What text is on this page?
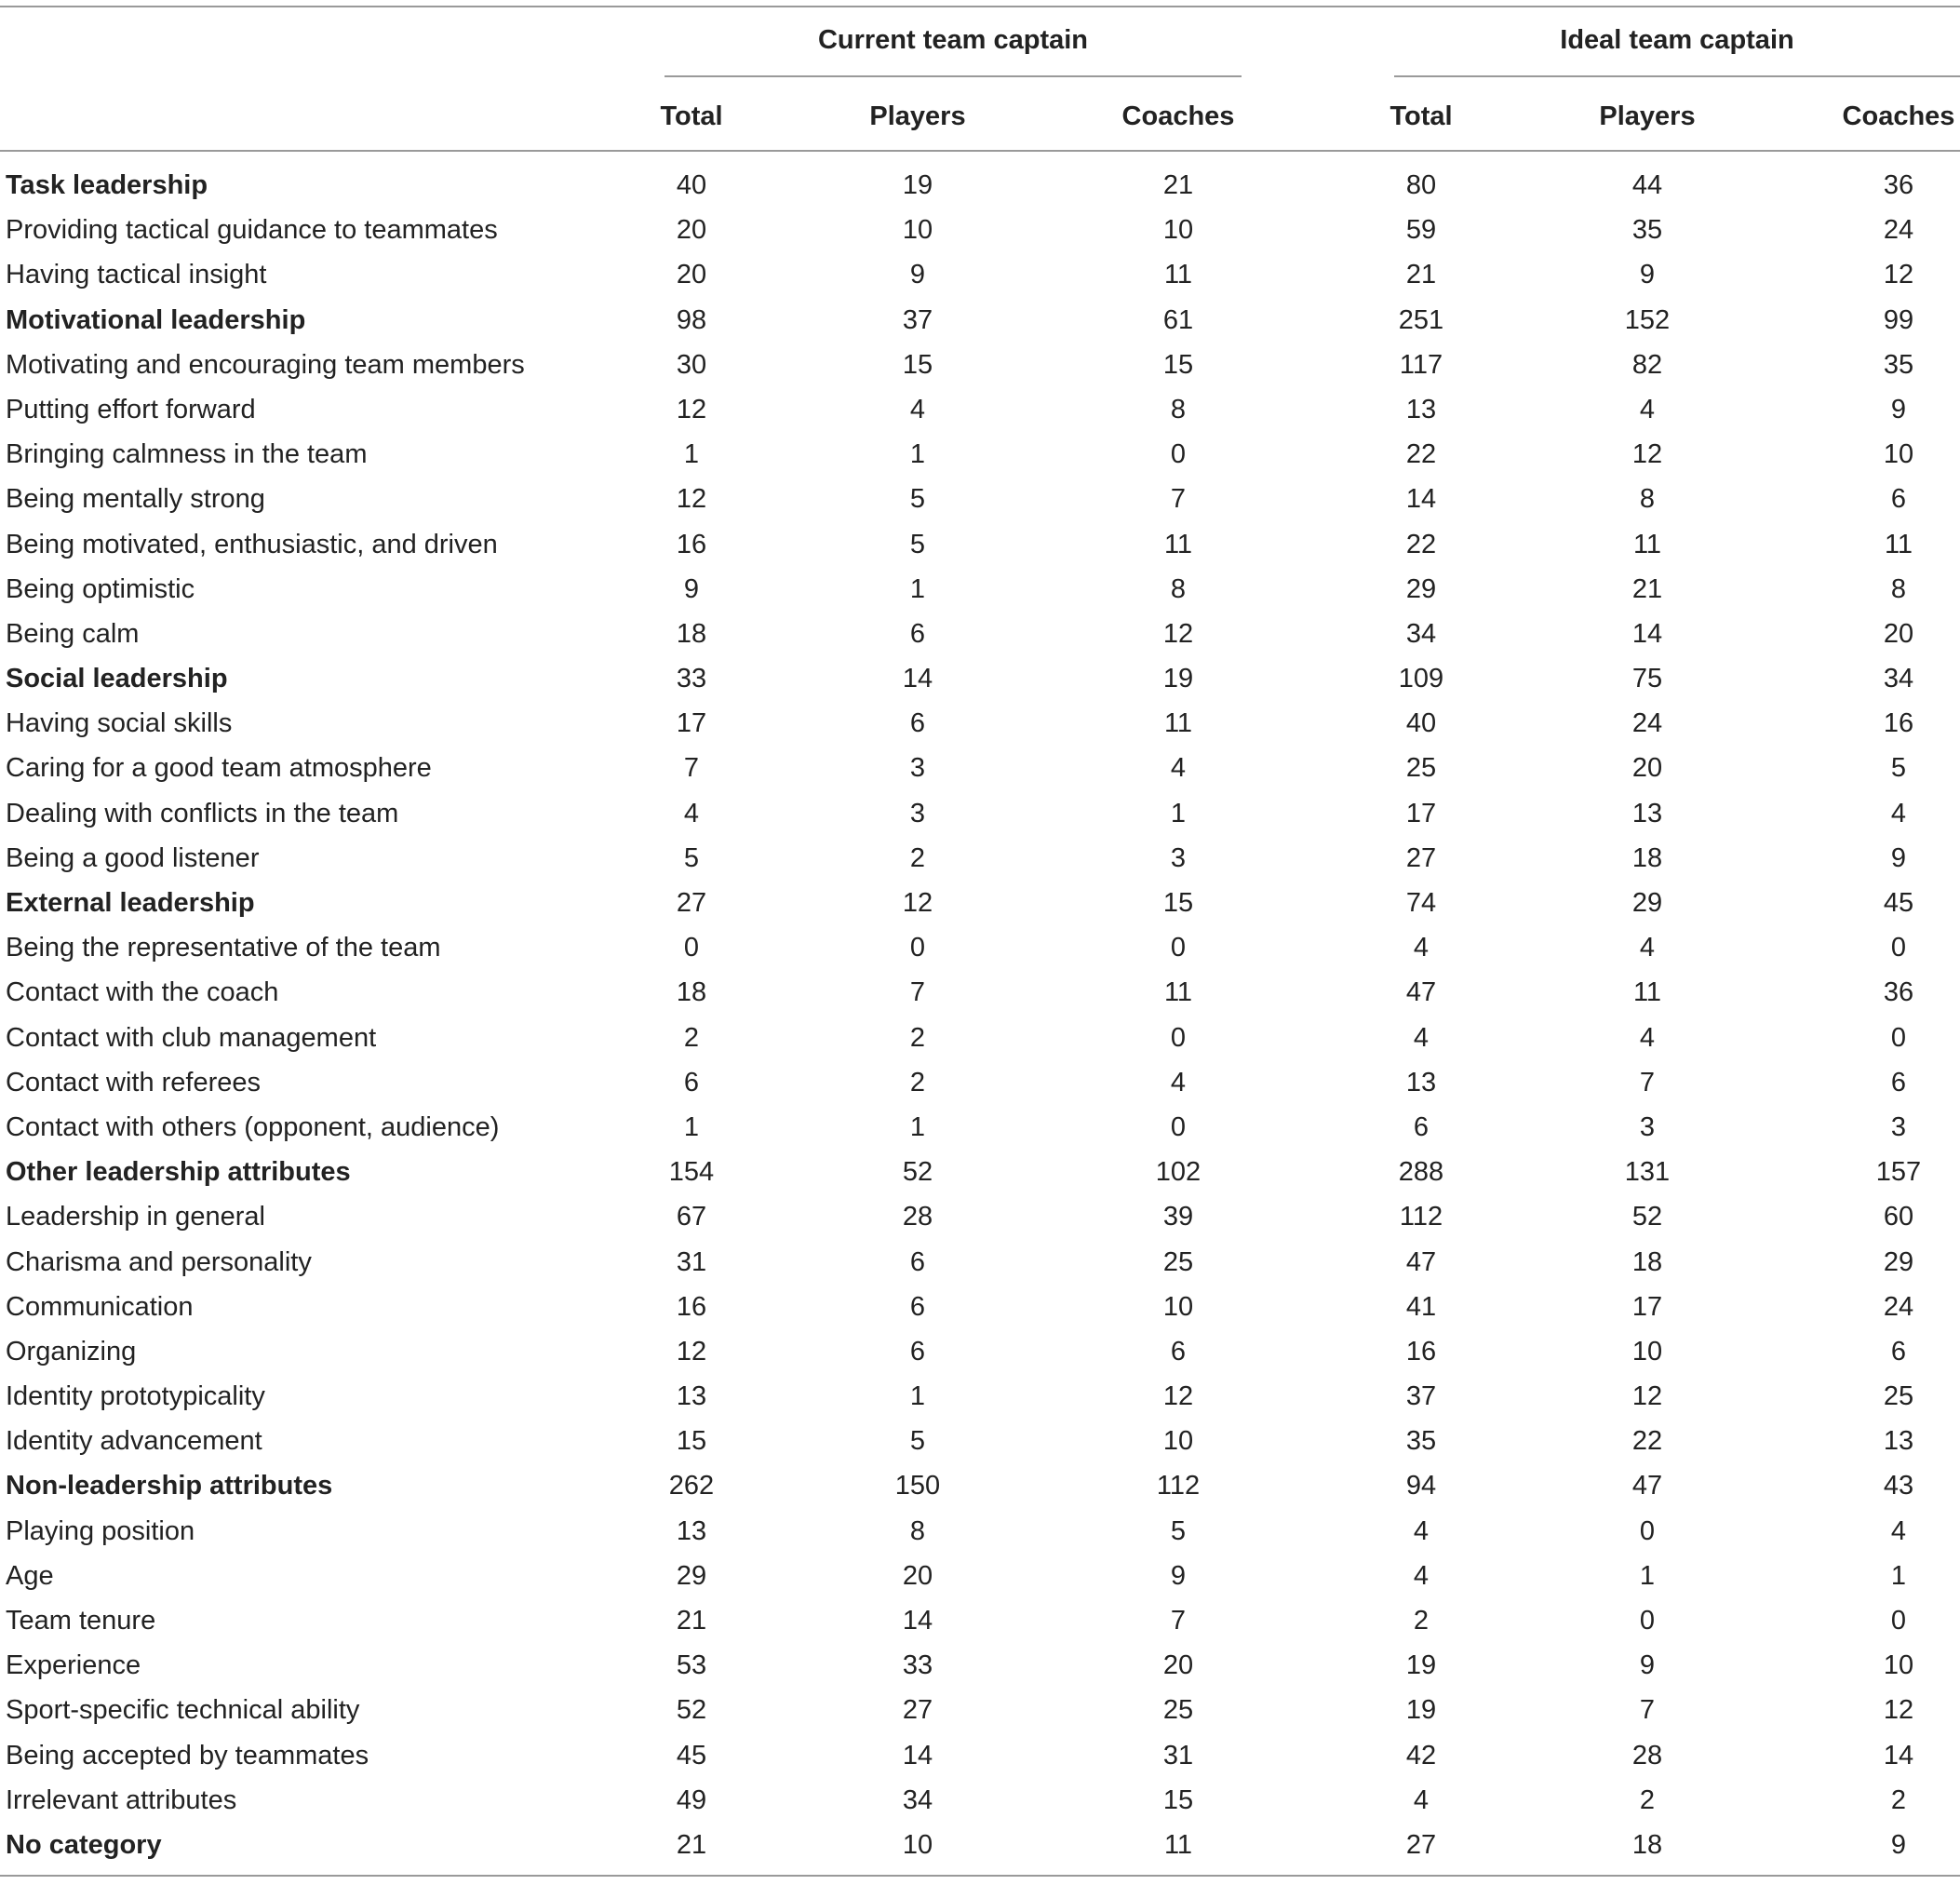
Current team captain	Ideal team captain
Total	Players	Coaches	Total	Players	Coaches
Task leadership	40	19	21	80	44	36
Providing tactical guidance to teammates	20	10	10	59	35	24
Having tactical insight	20	9	11	21	9	12
Motivational leadership	98	37	61	251	152	99
Motivating and encouraging team members	30	15	15	117	82	35
Putting effort forward	12	4	8	13	4	9
Bringing calmness in the team	1	1	0	22	12	10
Being mentally strong	12	5	7	14	8	6
Being motivated, enthusiastic, and driven	16	5	11	22	11	11
Being optimistic	9	1	8	29	21	8
Being calm	18	6	12	34	14	20
Social leadership	33	14	19	109	75	34
Having social skills	17	6	11	40	24	16
Caring for a good team atmosphere	7	3	4	25	20	5
Dealing with conflicts in the team	4	3	1	17	13	4
Being a good listener	5	2	3	27	18	9
External leadership	27	12	15	74	29	45
Being the representative of the team	0	0	0	4	4	0
Contact with the coach	18	7	11	47	11	36
Contact with club management	2	2	0	4	4	0
Contact with referees	6	2	4	13	7	6
Contact with others (opponent, audience)	1	1	0	6	3	3
Other leadership attributes	154	52	102	288	131	157
Leadership in general	67	28	39	112	52	60
Charisma and personality	31	6	25	47	18	29
Communication	16	6	10	41	17	24
Organizing	12	6	6	16	10	6
Identity prototypicality	13	1	12	37	12	25
Identity advancement	15	5	10	35	22	13
Non-leadership attributes	262	150	112	94	47	43
Playing position	13	8	5	4	0	4
Age	29	20	9	4	1	1
Team tenure	21	14	7	2	0	0
Experience	53	33	20	19	9	10
Sport-specific technical ability	52	27	25	19	7	12
Being accepted by teammates	45	14	31	42	28	14
Irrelevant attributes	49	34	15	4	2	2
No category	21	10	11	27	18	9
